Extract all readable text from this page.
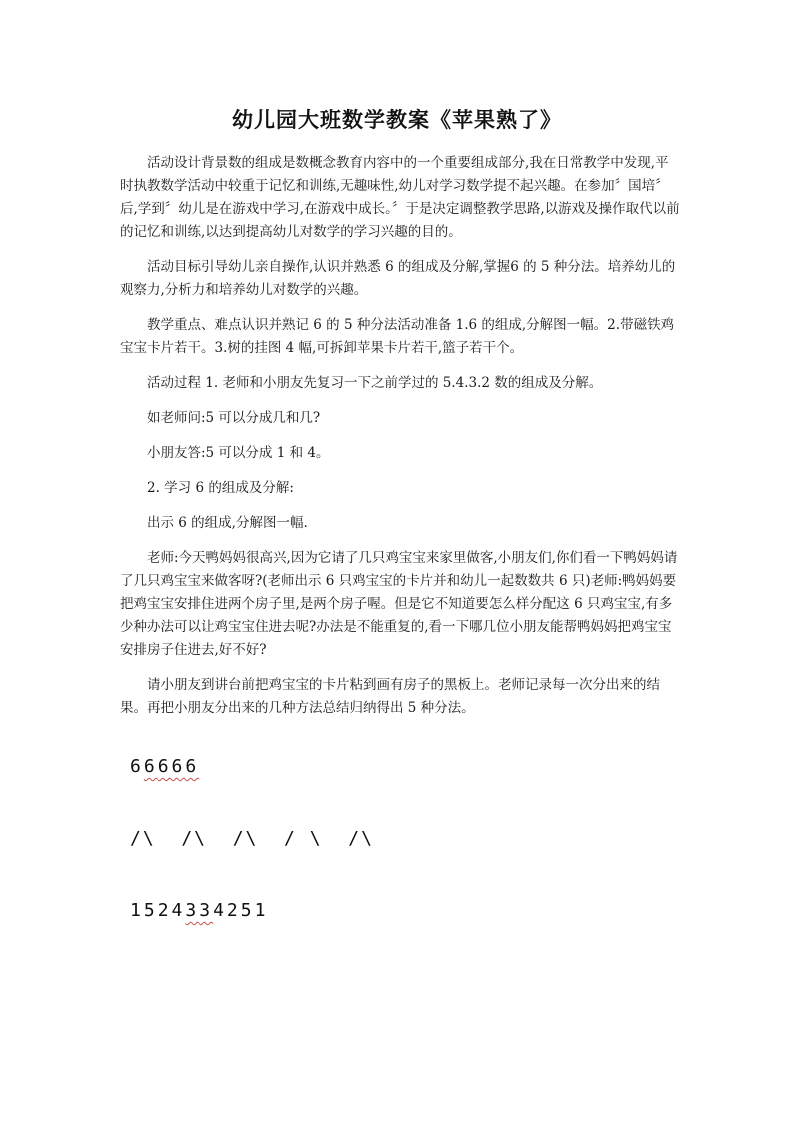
幼儿园大班数学教案《苹果熟了》

活动设计背景数的组成是数概念教育内容中的一个重要组成部分,我在日常教学中发现,平时执教数学活动中较重于记忆和训练,无趣味性,幼儿对学习数学提不起兴趣。在参加〞国培〞后,学到〞幼儿是在游戏中学习,在游戏中成长。〞于是决定调整教学思路,以游戏及操作取代以前的记忆和训练,以达到提高幼儿对数学的学习兴趣的目的。

活动目标引导幼儿亲自操作,认识并熟悉 6 的组成及分解,掌握6 的 5 种分法。培养幼儿的观察力,分析力和培养幼儿对数学的兴趣。

教学重点、难点认识并熟记 6 的 5 种分法活动准备 1.6 的组成,分解图一幅。2.带磁铁鸡宝宝卡片若干。3.树的挂图 4 幅,可拆卸苹果卡片若干,篮子若干个。

活动过程 1. 老师和小朋友先复习一下之前学过的 5.4.3.2 数的组成及分解。

如老师问:5 可以分成几和几?

小朋友答:5 可以分成 1 和 4。

2. 学习 6 的组成及分解:

出示 6 的组成,分解图一幅.

老师:今天鸭妈妈很高兴,因为它请了几只鸡宝宝来家里做客,小朋友们,你们看一下鸭妈妈请了几只鸡宝宝来做客呀?(老师出示 6 只鸡宝宝的卡片并和幼儿一起数数共 6 只)老师:鸭妈妈要把鸡宝宝安排住进两个房子里,是两个房子喔。但是它不知道要怎么样分配这 6 只鸡宝宝,有多少种办法可以让鸡宝宝住进去呢?办法是不能重复的,看一下哪几位小朋友能帮鸭妈妈把鸡宝宝安排房子住进去,好不好?

请小朋友到讲台前把鸡宝宝的卡片粘到画有房子的黑板上。老师记录每一次分出来的结果。再把小朋友分出来的几种方法总结归纳得出 5 种分法。

66666
/\  /\  /\  / \  /\
1524334251
